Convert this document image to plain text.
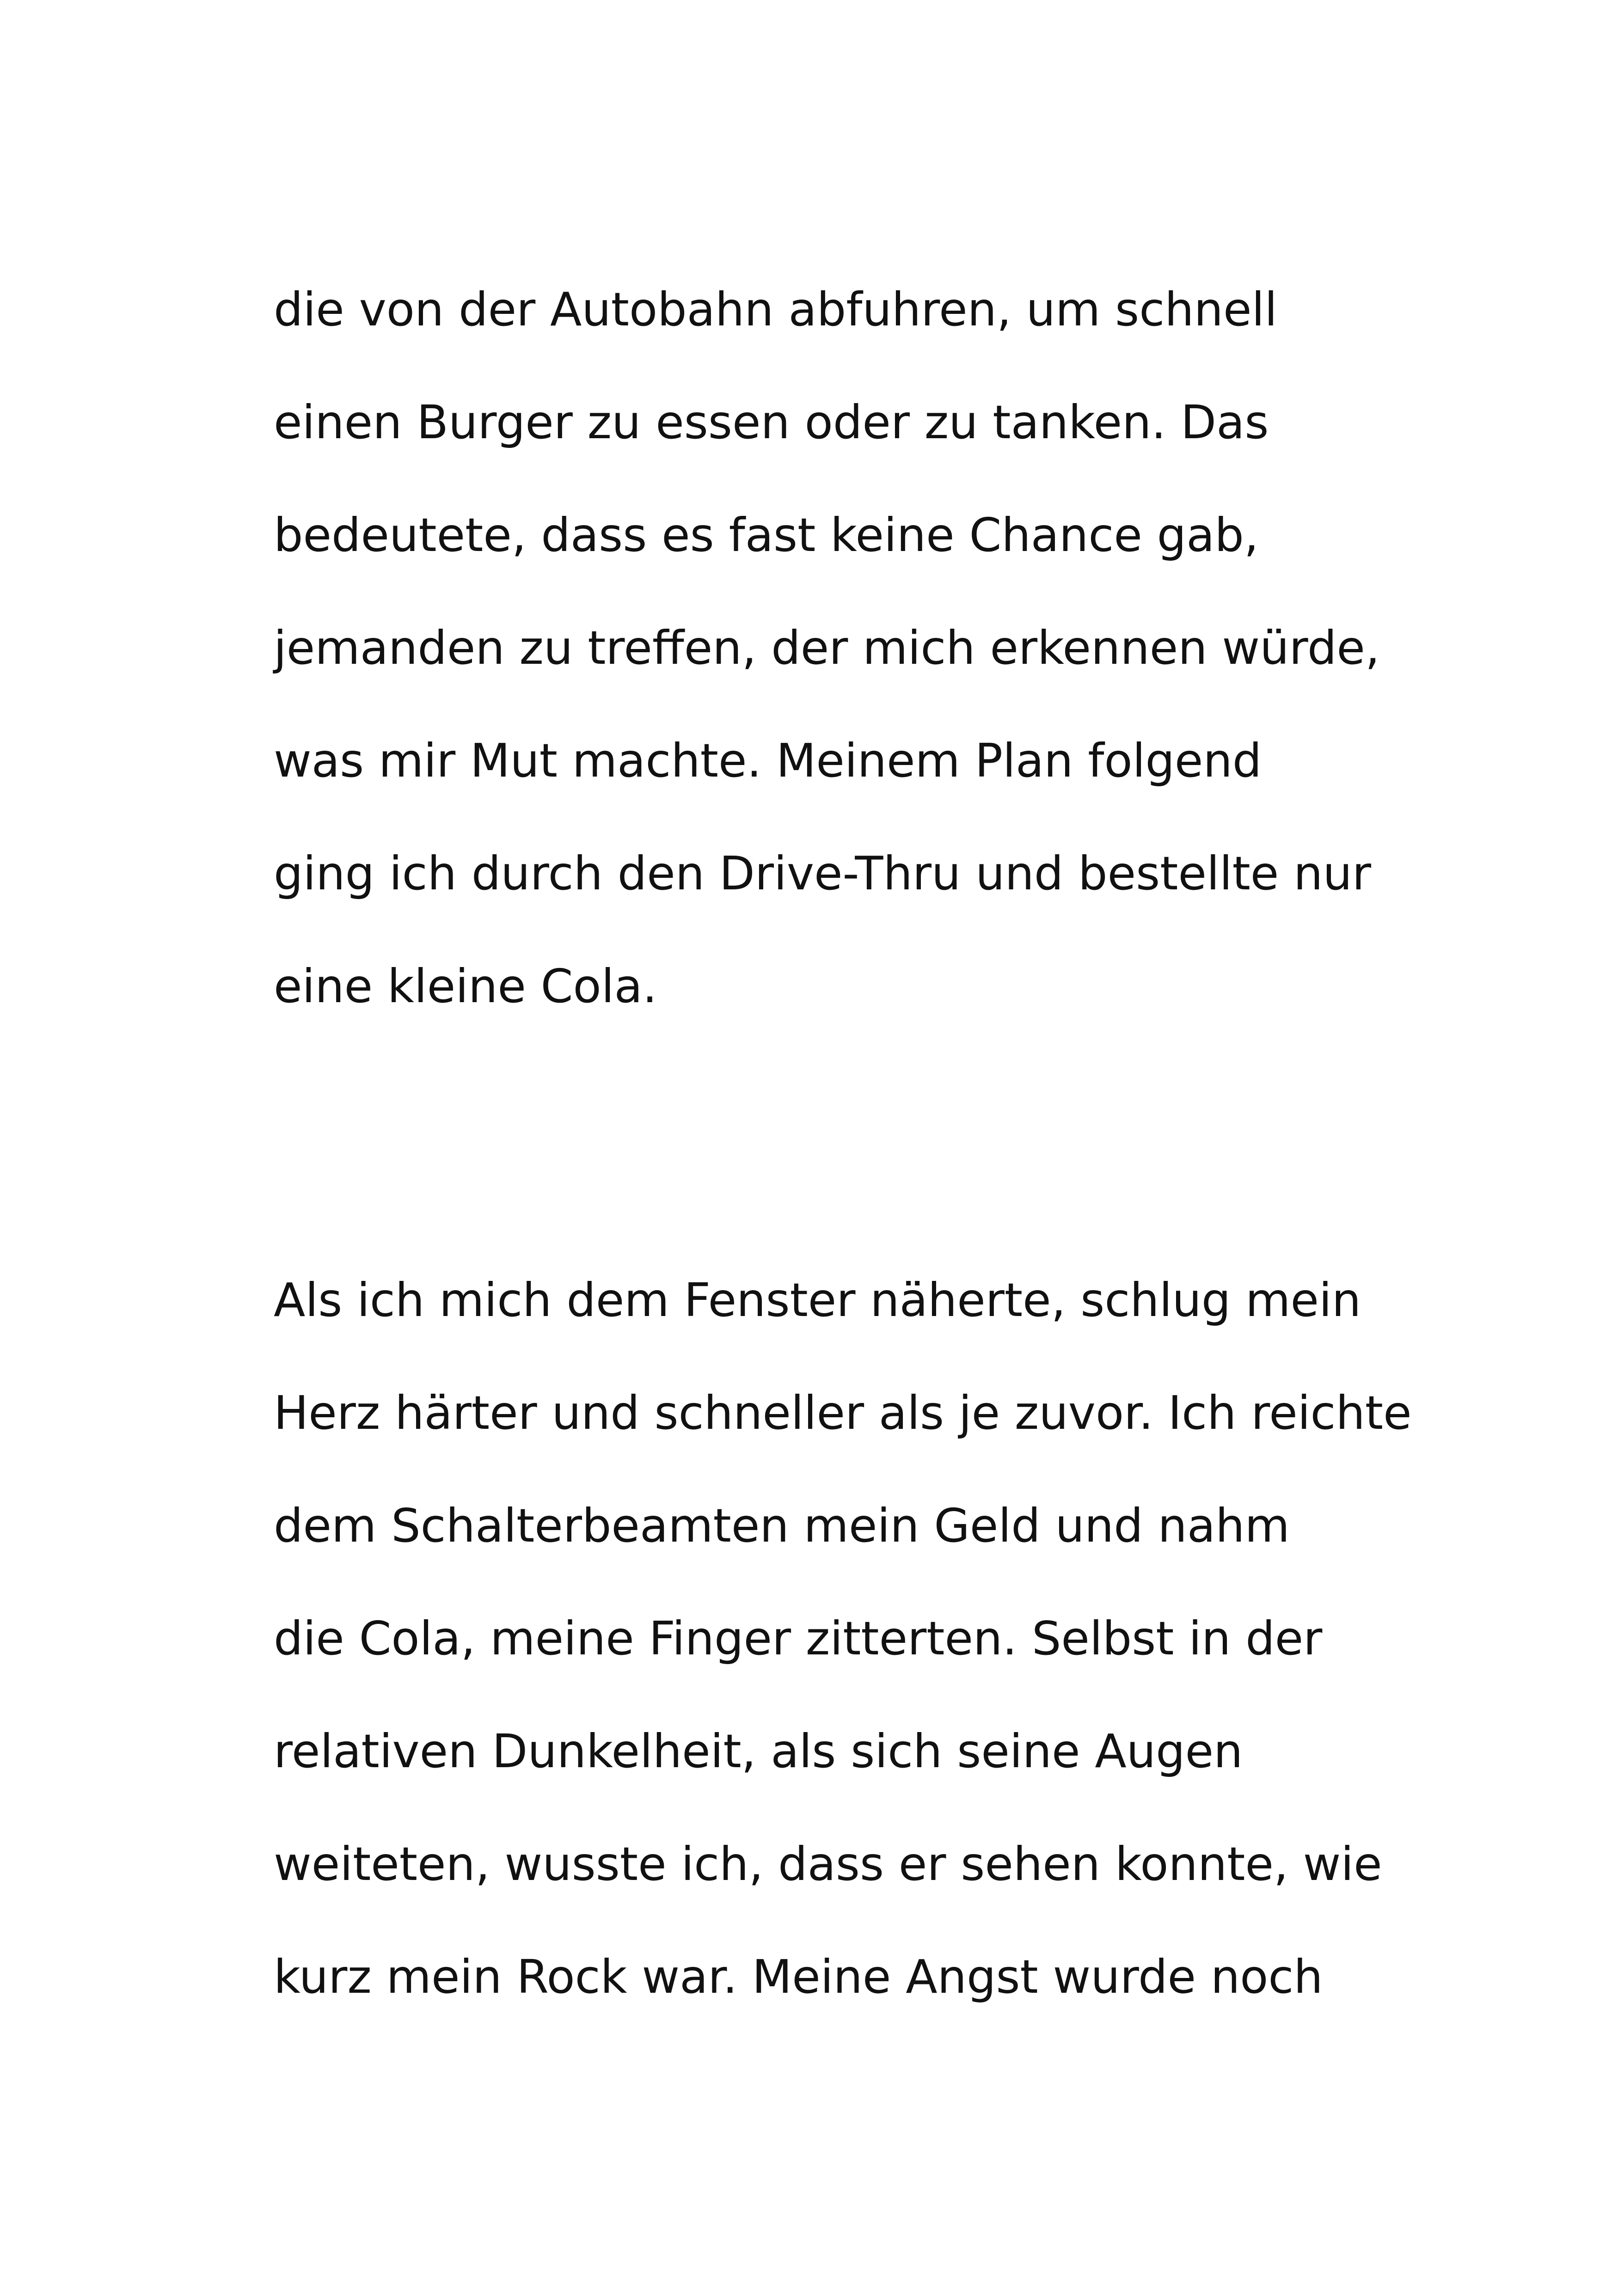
die von der Autobahn abfuhren, um schnell
einen Burger zu essen oder zu tanken. Das
bedeutete, dass es fast keine Chance gab,
jemanden zu treffen, der mich erkennen würde,
was mir Mut machte. Meinem Plan folgend
ging ich durch den Drive-Thru und bestellte nur
eine kleine Cola.

Als ich mich dem Fenster näherte, schlug mein
Herz härter und schneller als je zuvor. Ich reichte
dem Schalterbeamten mein Geld und nahm
die Cola, meine Finger zitterten. Selbst in der
relativen Dunkelheit, als sich seine Augen
weiteten, wusste ich, dass er sehen konnte, wie
kurz mein Rock war. Meine Angst wurde noch
